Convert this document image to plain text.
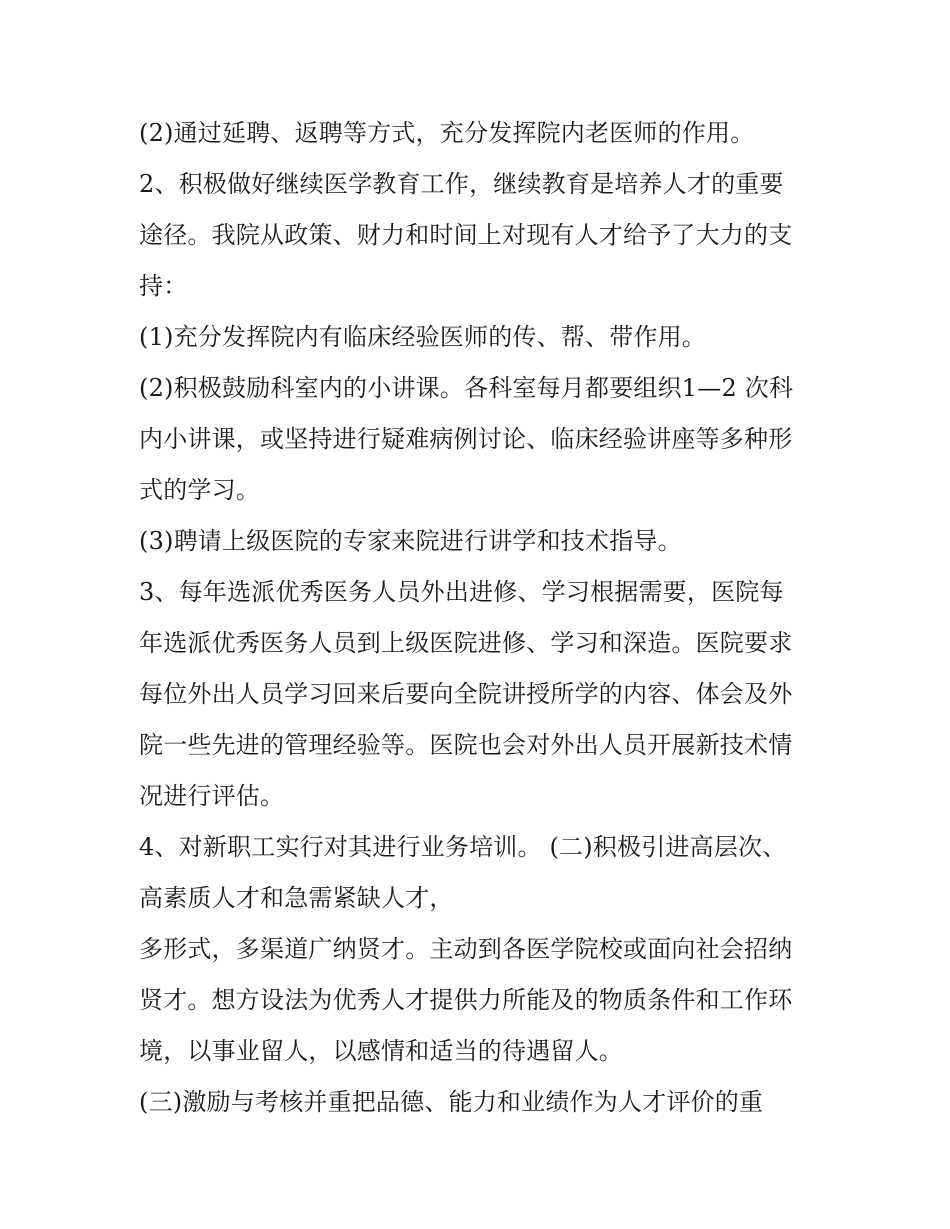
(2)通过延聘、返聘等方式，充分发挥院内老医师的作用。
2、积极做好继续医学教育工作，继续教育是培养人才的重要
途径。我院从政策、财力和时间上对现有人才给予了大力的支
持：
(1)充分发挥院内有临床经验医师的传、帮、带作用。
(2)积极鼓励科室内的小讲课。各科室每月都要组织1—2 次科
内小讲课，或坚持进行疑难病例讨论、临床经验讲座等多种形
式的学习。
(3)聘请上级医院的专家来院进行讲学和技术指导。
3、每年选派优秀医务人员外出进修、学习根据需要，医院每
年选派优秀医务人员到上级医院进修、学习和深造。医院要求
每位外出人员学习回来后要向全院讲授所学的内容、体会及外
院一些先进的管理经验等。医院也会对外出人员开展新技术情
况进行评估。
4、对新职工实行对其进行业务培训。 (二)积极引进高层次、
高素质人才和急需紧缺人才，
多形式，多渠道广纳贤才。主动到各医学院校或面向社会招纳
贤才。想方设法为优秀人才提供力所能及的物质条件和工作环
境，以事业留人，以感情和适当的待遇留人。
(三)激励与考核并重把品德、能力和业绩作为人才评价的重
